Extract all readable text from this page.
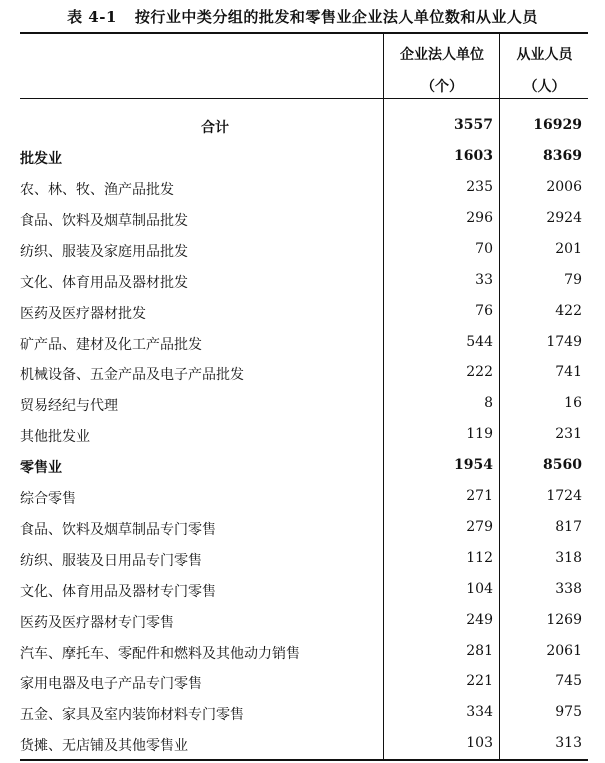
表 4-1 按行业中类分组的批发和零售业企业法人单位数和从业人员
企业法人单位
（个）
从业人员
（人）
合计	3557	16929
批发业	1603	8369
农、林、牧、渔产品批发	235	2006
食品、饮料及烟草制品批发	296	2924
纺织、服装及家庭用品批发	70	201
文化、体育用品及器材批发	33	79
医药及医疗器材批发	76	422
矿产品、建材及化工产品批发	544	1749
机械设备、五金产品及电子产品批发	222	741
贸易经纪与代理	8	16
其他批发业	119	231
零售业	1954	8560
综合零售	271	1724
食品、饮料及烟草制品专门零售	279	817
纺织、服装及日用品专门零售	112	318
文化、体育用品及器材专门零售	104	338
医药及医疗器材专门零售	249	1269
汽车、摩托车、零配件和燃料及其他动力销售	281	2061
家用电器及电子产品专门零售	221	745
五金、家具及室内装饰材料专门零售	334	975
货摊、无店铺及其他零售业	103	313
